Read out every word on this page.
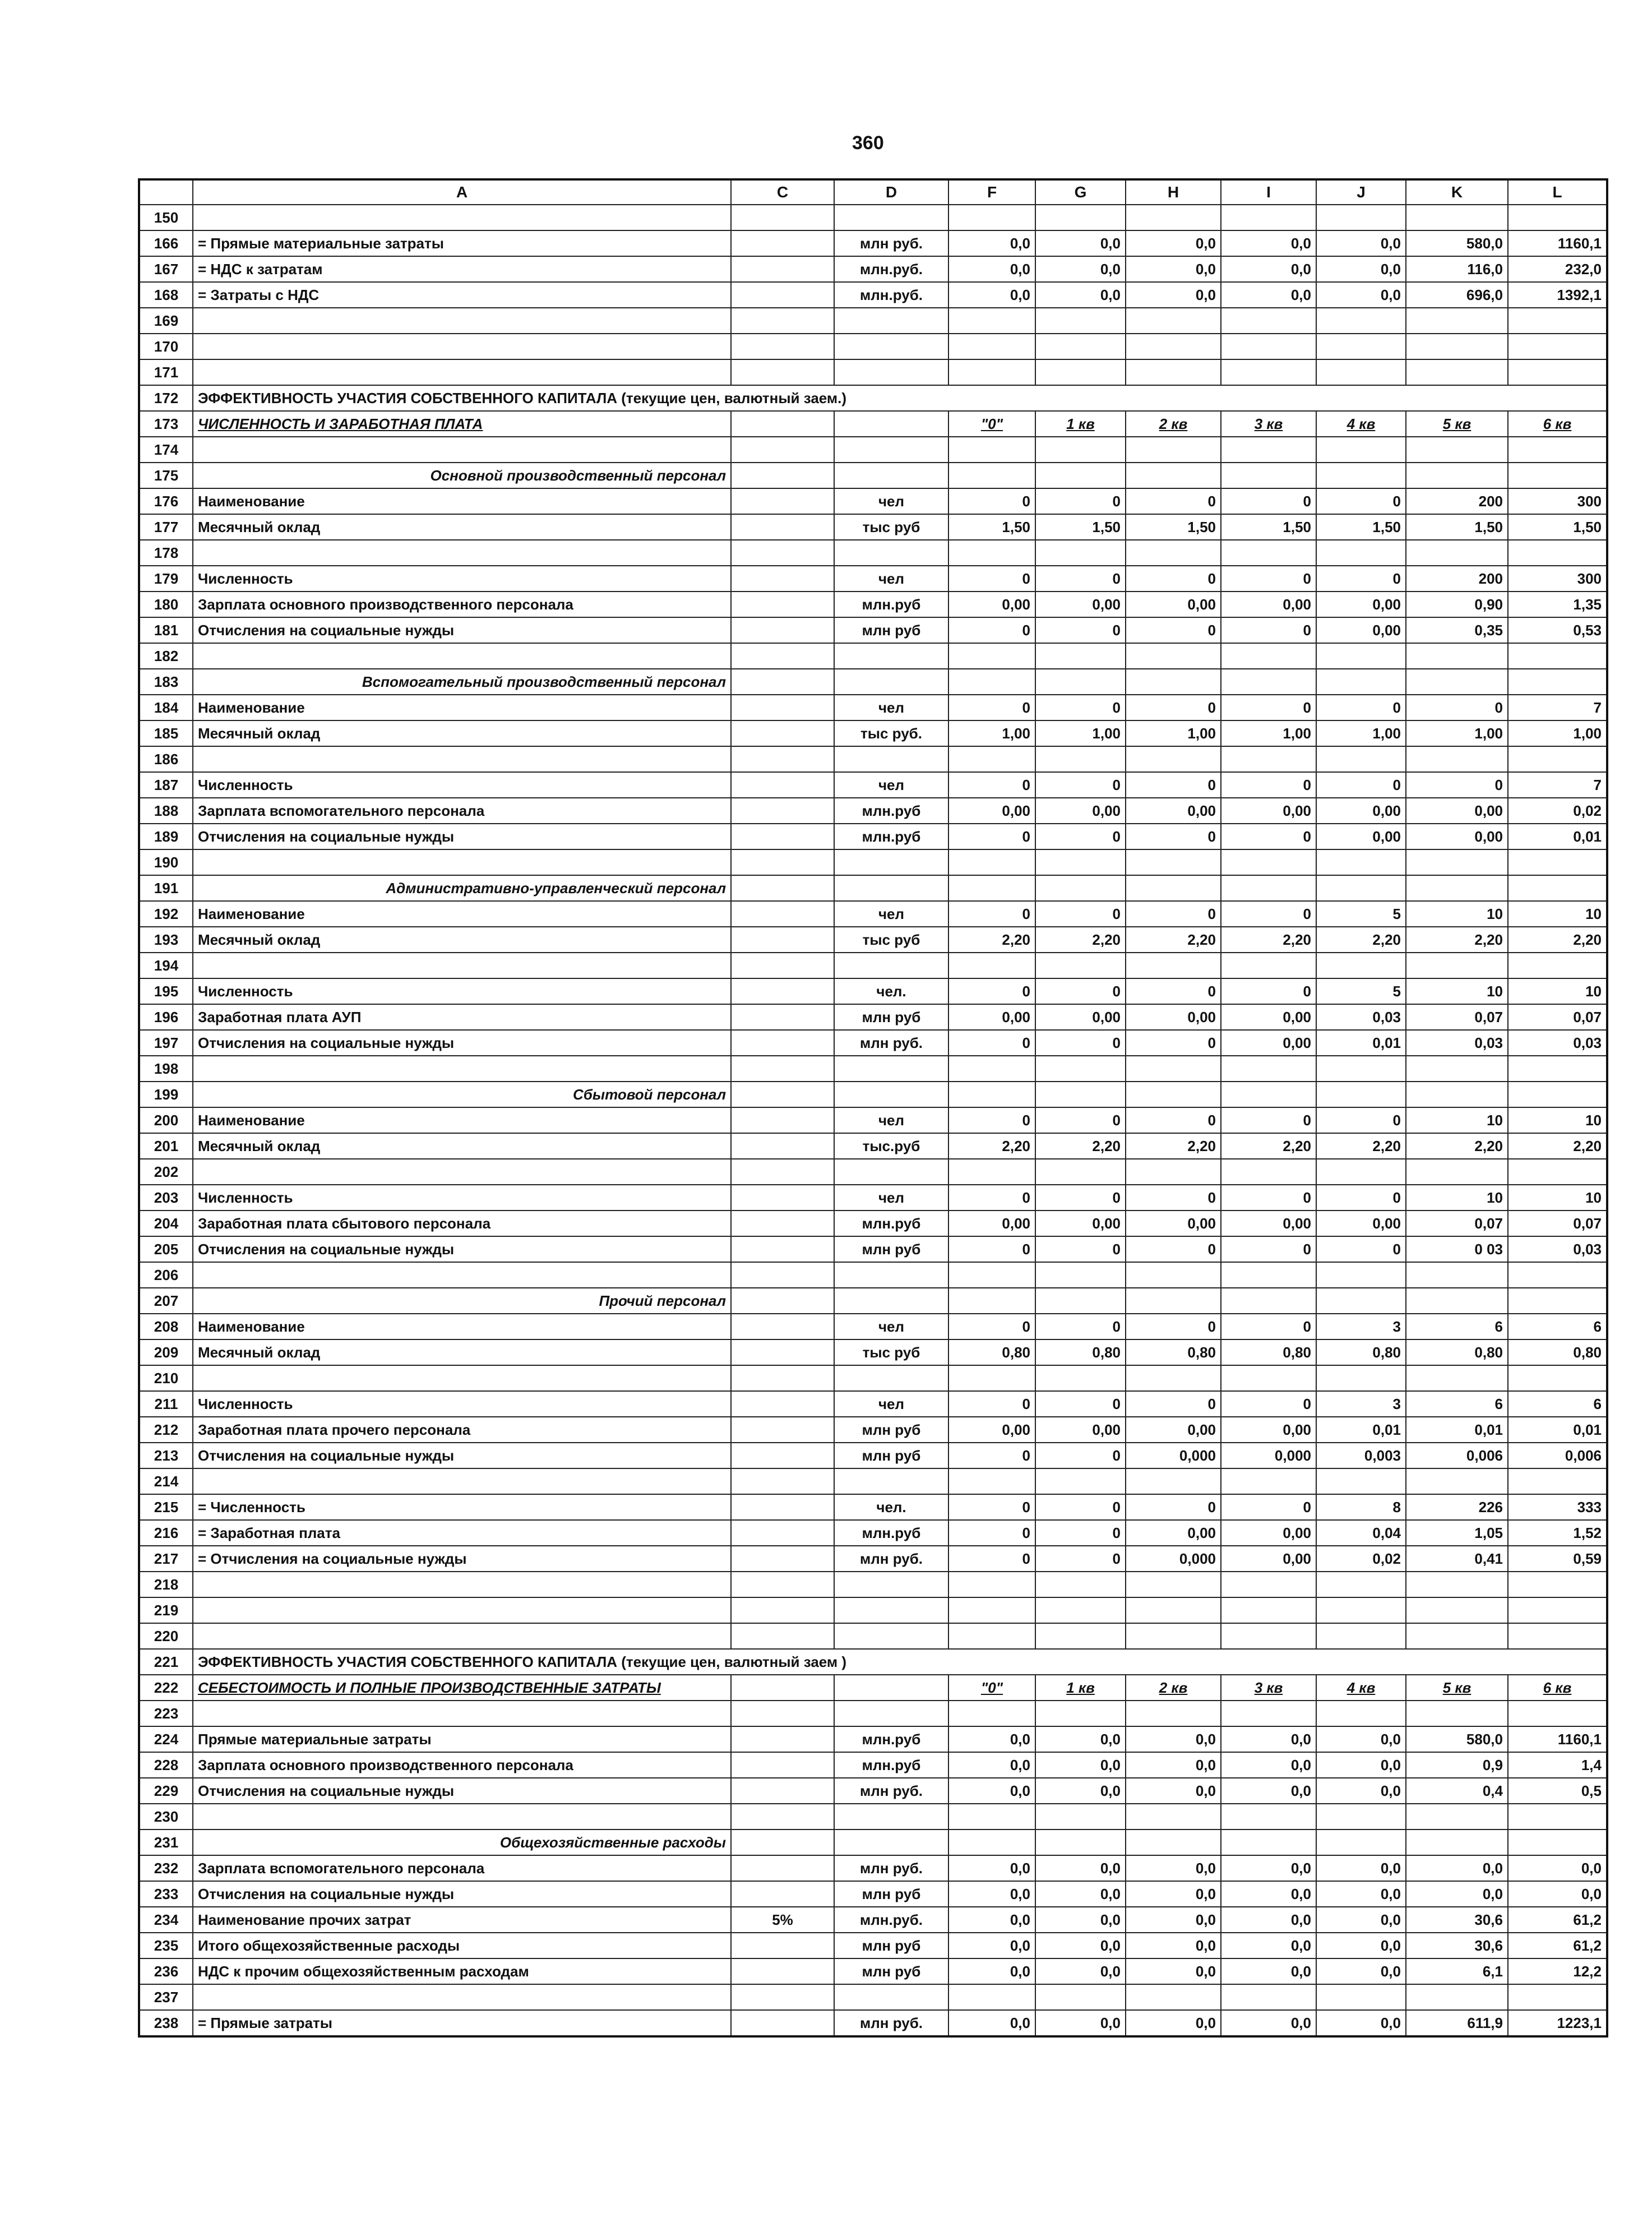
360
	A	C	D	F	G	H	I	J	K	L
150										
166	= Прямые материальные затраты		млн руб.	0,0	0,0	0,0	0,0	0,0	580,0	1160,1
167	= НДС к затратам		млн.руб.	0,0	0,0	0,0	0,0	0,0	116,0	232,0
168	= Затраты с НДС		млн.руб.	0,0	0,0	0,0	0,0	0,0	696,0	1392,1
169										
170										
171										
172	ЭФФЕКТИВНОСТЬ УЧАСТИЯ СОБСТВЕННОГО КАПИТАЛА (текущие цен, валютный заем.)									
173	ЧИСЛЕННОСТЬ И ЗАРАБОТНАЯ ПЛАТА			"0"	1 кв	2 кв	3 кв	4 кв	5 кв	6 кв
174										
175	Основной производственный персонал									
176	Наименование		чел	0	0	0	0	0	200	300
177	Месячный оклад		тыс руб	1,50	1,50	1,50	1,50	1,50	1,50	1,50
178										
179	Численность		чел	0	0	0	0	0	200	300
180	Зарплата основного производственного персонала		млн.руб	0,00	0,00	0,00	0,00	0,00	0,90	1,35
181	Отчисления на социальные нужды		млн руб	0	0	0	0	0,00	0,35	0,53
182										
183	Вспомогательный производственный персонал									
184	Наименование		чел	0	0	0	0	0	0	7
185	Месячный оклад		тыс руб.	1,00	1,00	1,00	1,00	1,00	1,00	1,00
186										
187	Численность		чел	0	0	0	0	0	0	7
188	Зарплата вспомогательного персонала		млн.руб	0,00	0,00	0,00	0,00	0,00	0,00	0,02
189	Отчисления на социальные нужды		млн.руб	0	0	0	0	0,00	0,00	0,01
190										
191	Административно-управленческий персонал									
192	Наименование		чел	0	0	0	0	5	10	10
193	Месячный оклад		тыс руб	2,20	2,20	2,20	2,20	2,20	2,20	2,20
194										
195	Численность		чел.	0	0	0	0	5	10	10
196	Заработная плата АУП		млн руб	0,00	0,00	0,00	0,00	0,03	0,07	0,07
197	Отчисления на социальные нужды		млн руб.	0	0	0	0,00	0,01	0,03	0,03
198										
199	Сбытовой персонал									
200	Наименование		чел	0	0	0	0	0	10	10
201	Месячный оклад		тыс.руб	2,20	2,20	2,20	2,20	2,20	2,20	2,20
202										
203	Численность		чел	0	0	0	0	0	10	10
204	Заработная плата сбытового персонала		млн.руб	0,00	0,00	0,00	0,00	0,00	0,07	0,07
205	Отчисления на социальные нужды		млн руб	0	0	0	0	0	0 03	0,03
206										
207	Прочий персонал									
208	Наименование		чел	0	0	0	0	3	6	6
209	Месячный оклад		тыс руб	0,80	0,80	0,80	0,80	0,80	0,80	0,80
210										
211	Численность		чел	0	0	0	0	3	6	6
212	Заработная плата прочего персонала		млн руб	0,00	0,00	0,00	0,00	0,01	0,01	0,01
213	Отчисления на социальные нужды		млн руб	0	0	0,000	0,000	0,003	0,006	0,006
214										
215	= Численность		чел.	0	0	0	0	8	226	333
216	= Заработная плата		млн.руб	0	0	0,00	0,00	0,04	1,05	1,52
217	= Отчисления на социальные нужды		млн руб.	0	0	0,000	0,00	0,02	0,41	0,59
218										
219										
220										
221	ЭФФЕКТИВНОСТЬ УЧАСТИЯ СОБСТВЕННОГО КАПИТАЛА (текущие цен, валютный заем )									
222	СЕБЕСТОИМОСТЬ И ПОЛНЫЕ ПРОИЗВОДСТВЕННЫЕ ЗАТРАТЫ			"0"	1 кв	2 кв	3 кв	4 кв	5 кв	6 кв
223										
224	Прямые материальные затраты		млн.руб	0,0	0,0	0,0	0,0	0,0	580,0	1160,1
228	Зарплата основного производственного персонала		млн.руб	0,0	0,0	0,0	0,0	0,0	0,9	1,4
229	Отчисления на социальные нужды		млн руб.	0,0	0,0	0,0	0,0	0,0	0,4	0,5
230										
231	Общехозяйственные расходы									
232	Зарплата вспомогательного персонала		млн руб.	0,0	0,0	0,0	0,0	0,0	0,0	0,0
233	Отчисления на социальные нужды		млн руб	0,0	0,0	0,0	0,0	0,0	0,0	0,0
234	Наименование прочих затрат	5%	млн.руб.	0,0	0,0	0,0	0,0	0,0	30,6	61,2
235	Итого общехозяйственные расходы		млн руб	0,0	0,0	0,0	0,0	0,0	30,6	61,2
236	НДС к прочим общехозяйственным расходам		млн руб	0,0	0,0	0,0	0,0	0,0	6,1	12,2
237										
238	= Прямые затраты		млн руб.	0,0	0,0	0,0	0,0	0,0	611,9	1223,1
